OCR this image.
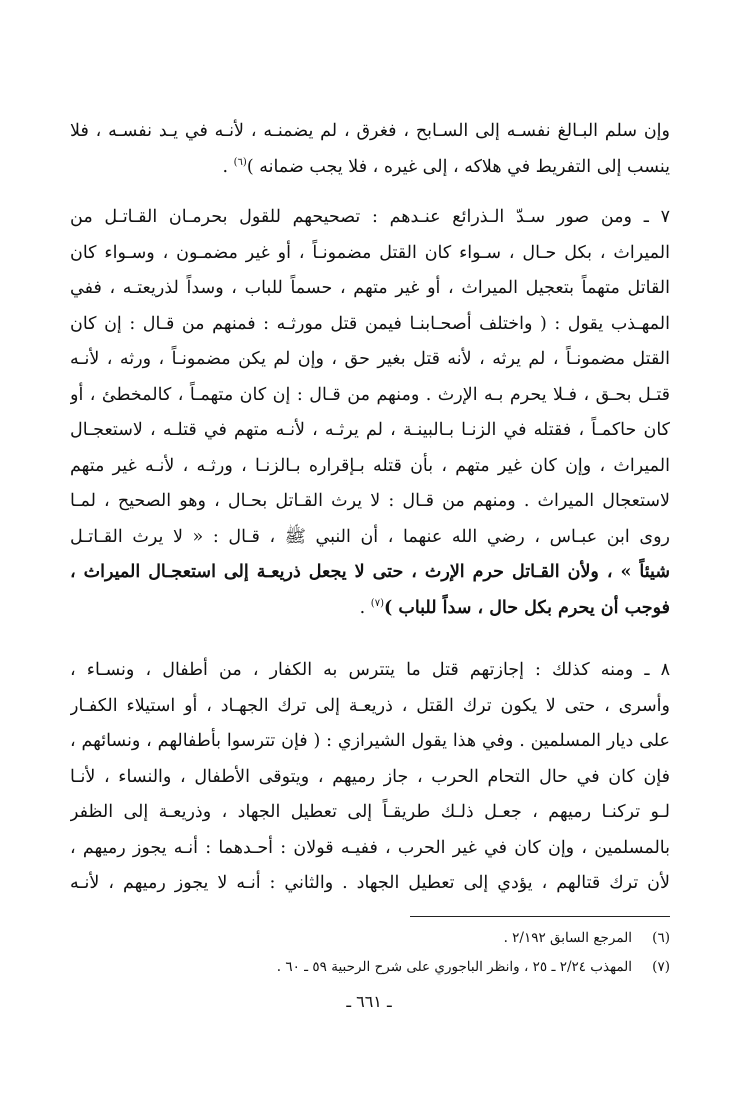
وإن سلم البـالغ نفسـه إلى السـابح ، فغرق ، لم يضمنـه ، لأنـه في يـد نفسـه ، فلا
ينسب إلى التفريط في هلاكه ، إلى غيره ، فلا يجب ضمانه )$^{(٦)}$ .
٧ ـ ومن صور سـدّ الـذرائع عنـدهم : تصحيحهم للقول بحرمـان القـاتـل من
الميراث ، بكل حـال ، سـواء كان القتل مضمونـاً ، أو غير مضمـون ، وسـواء كان
القاتل متهماً بتعجيل الميراث ، أو غير متهم ، حسماً للباب ، وسداً لذريعتـه ، ففي
المهـذب يقول : ( واختلف أصحـابنـا فيمن قتل مورثـه : فمنهم من قـال : إن كان
القتل مضمونـاً ، لم يرثه ، لأنه قتل بغير حق ، وإن لم يكن مضمونـاً ، ورثه ، لأنـه
قتـل بحـق ، فـلا يحرم بـه الإرث . ومنهم من قـال : إن كان متهمـاً ، كالمخطئ ، أو
كان حاكمـاً ، فقتله في الزنـا بـالبينـة ، لم يرثـه ، لأنـه متهم في قتلـه ، لاستعجـال
الميراث ، وإن كان غير متهم ، بأن قتله بـإقراره بـالزنـا ، ورثـه ، لأنـه غير متهم
لاستعجال الميراث . ومنهم من قـال : لا يرث القـاتل بحـال ، وهو الصحيح ، لمـا
روى ابن عبـاس ، رضي الله عنهما ، أن النبي ﷺ ، قـال : « لا يرث القـاتـل
شيئاً » ، ولأن القـاتل حرم الإرث ، حتى لا يجعل ذريعـة إلى استعجـال الميراث ،
فوجب أن يحرم بكل حال ، سداً للباب )$^{(٧)}$ .
٨ ـ ومنه كذلك : إجازتهم قتل ما يتترس به الكفار ، من أطفال ، ونسـاء ،
وأسرى ، حتى لا يكون ترك القتل ، ذريعـة إلى ترك الجهـاد ، أو استيلاء الكفـار
على ديار المسلمين . وفي هذا يقول الشيرازي : ( فإن تترسوا بأطفالهم ، ونسائهم ،
فإن كان في حال التحام الحرب ، جاز رميهم ، ويتوقى الأطفال ، والنساء ، لأنـا
لـو تركنـا رميهم ، جعـل ذلـك طريقـاً إلى تعطيل الجهاد ، وذريعـة إلى الظفر
بالمسلمين ، وإن كان في غير الحرب ، ففيـه قولان : أحـدهما : أنـه يجوز رميهم ،
لأن ترك قتالهم ، يؤدي إلى تعطيل الجهاد . والثاني : أنـه لا يجوز رميهم ، لأنـه
(٦)المرجع السابق ٢/١٩٢ .
(٧)المهذب ٢/٢٤ ـ ٢٥ ، وانظر الباجوري على شرح الرحبية ٥٩ ـ ٦٠ .
ـ ٦٦١ ـ
